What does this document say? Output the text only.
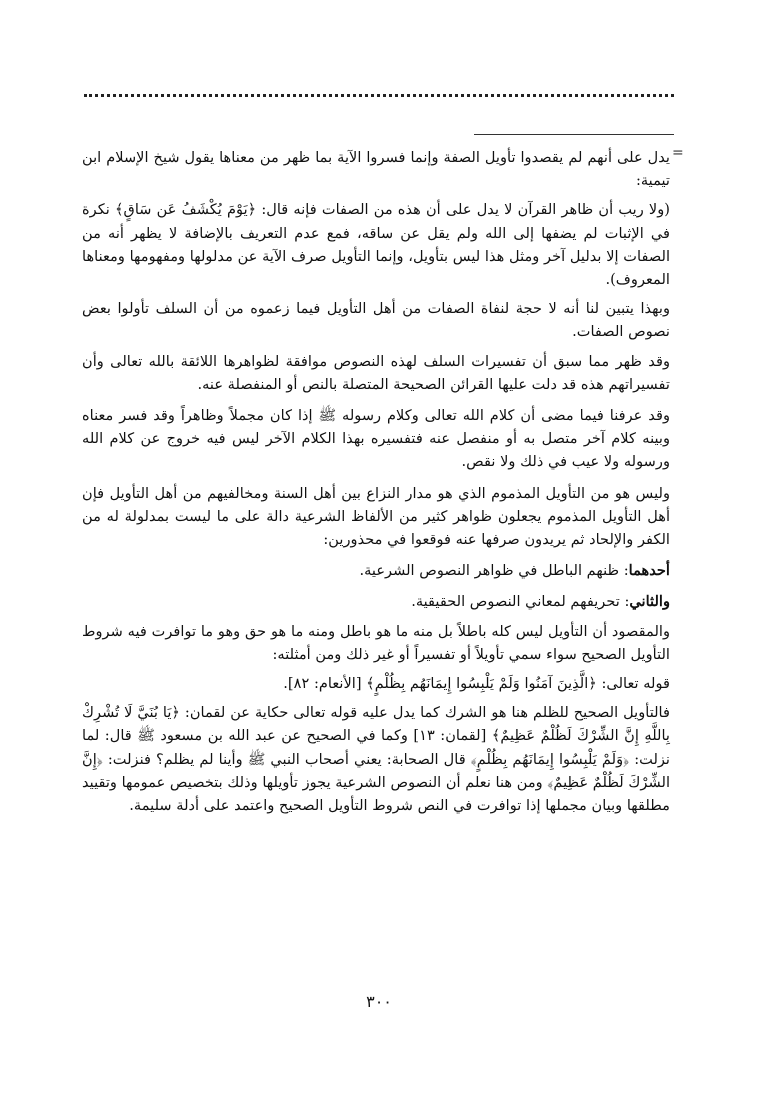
=

يدل على أنهم لم يقصدوا تأويل الصفة وإنما فسروا الآية بما ظهر من معناها يقول شيخ الإسلام ابن تيمية:

(ولا ريب أن ظاهر القرآن لا يدل على أن هذه من الصفات فإنه قال: ﴿يَوْمَ يُكْشَفُ عَن سَاقٍ﴾ نكرة في الإثبات لم يضفها إلى الله ولم يقل عن ساقه، فمع عدم التعريف بالإضافة لا يظهر أنه من الصفات إلا بدليل آخر ومثل هذا ليس بتأويل، وإنما التأويل صرف الآية عن مدلولها ومفهومها ومعناها المعروف).

وبهذا يتبين لنا أنه لا حجة لنفاة الصفات من أهل التأويل فيما زعموه من أن السلف تأولوا بعض نصوص الصفات.

وقد ظهر مما سبق أن تفسيرات السلف لهذه النصوص موافقة لظواهرها اللائقة بالله تعالى وأن تفسيراتهم هذه قد دلت عليها القرائن الصحيحة المتصلة بالنص أو المنفصلة عنه.

وقد عرفنا فيما مضى أن كلام الله تعالى وكلام رسوله ﷺ إذا كان مجملاً وظاهراً وقد فسر معناه وبينه كلام آخر متصل به أو منفصل عنه فتفسيره بهذا الكلام الآخر ليس فيه خروج عن كلام الله ورسوله ولا عيب في ذلك ولا نقص.

وليس هو من التأويل المذموم الذي هو مدار النزاع بين أهل السنة ومخالفيهم من أهل التأويل فإن أهل التأويل المذموم يجعلون ظواهر كثير من الألفاظ الشرعية دالة على ما ليست بمدلولة له من الكفر والإلحاد ثم يريدون صرفها عنه فوقعوا في محذورين:

أحدهما: ظنهم الباطل في ظواهر النصوص الشرعية.

والثاني: تحريفهم لمعاني النصوص الحقيقية.

والمقصود أن التأويل ليس كله باطلاً بل منه ما هو باطل ومنه ما هو حق وهو ما توافرت فيه شروط التأويل الصحيح سواء سمي تأويلاً أو تفسيراً أو غير ذلك ومن أمثلته:

قوله تعالى: ﴿الَّذِينَ آمَنُوا وَلَمْ يَلْبِسُوا إِيمَانَهُم بِظُلْمٍ﴾ [الأنعام: ٨٢].

فالتأويل الصحيح للظلم هنا هو الشرك كما يدل عليه قوله تعالى حكاية عن لقمان: ﴿يَا بُنَيَّ لَا تُشْرِكْ بِاللَّهِ إِنَّ الشِّرْكَ لَظُلْمٌ عَظِيمٌ﴾ [لقمان: ١٣] وكما في الصحيح عن عبد الله بن مسعود ﷺ قال: لما نزلت: ﴿وَلَمْ يَلْبِسُوا إِيمَانَهُم بِظُلْمٍ﴾ قال الصحابة: يعني أصحاب النبي ﷺ وأينا لم يظلم؟ فنزلت: ﴿إِنَّ الشِّرْكَ لَظُلْمٌ عَظِيمٌ﴾ ومن هنا نعلم أن النصوص الشرعية يجوز تأويلها وذلك بتخصيص عمومها وتقييد مطلقها وبيان مجملها إذا توافرت في النص شروط التأويل الصحيح واعتمد على أدلة سليمة.

٣٠٠
